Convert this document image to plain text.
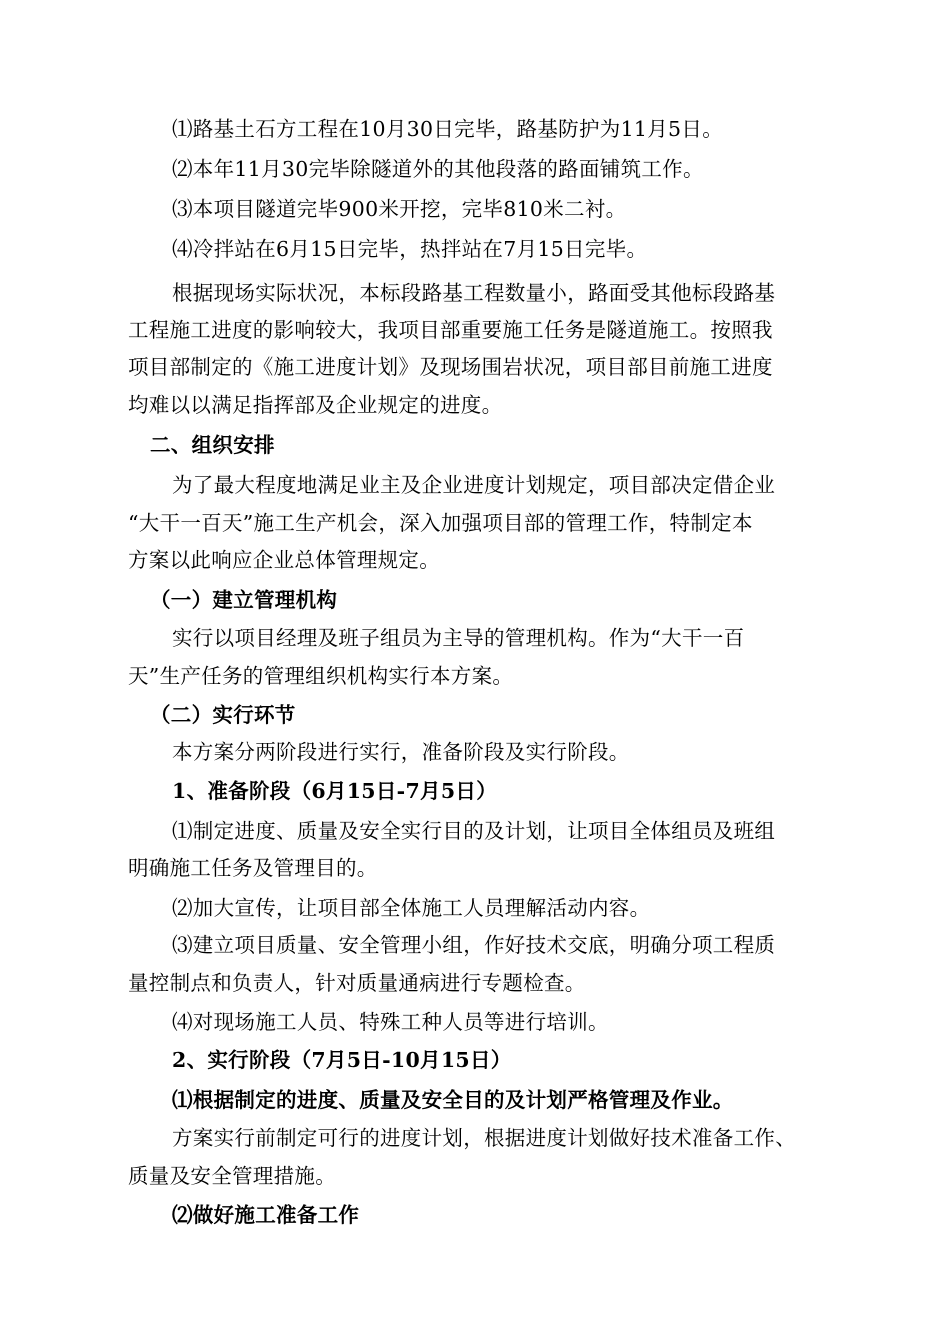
⑴路基土石方工程在10月30日完毕，路基防护为11月5日。
⑵本年11月30完毕除隧道外的其他段落的路面铺筑工作。
⑶本项目隧道完毕900米开挖，完毕810米二衬。
⑷冷拌站在6月15日完毕，热拌站在7月15日完毕。
根据现场实际状况，本标段路基工程数量小，路面受其他标段路基
工程施工进度的影响较大，我项目部重要施工任务是隧道施工。按照我
项目部制定的《施工进度计划》及现场围岩状况，项目部目前施工进度
均难以以满足指挥部及企业规定的进度。
二、组织安排
为了最大程度地满足业主及企业进度计划规定，项目部决定借企业
“大干一百天”施工生产机会，深入加强项目部的管理工作，特制定本
方案以此响应企业总体管理规定。
（一）建立管理机构
实行以项目经理及班子组员为主导的管理机构。作为“大干一百
天”生产任务的管理组织机构实行本方案。
（二）实行环节
本方案分两阶段进行实行，准备阶段及实行阶段。
1、准备阶段（6月15日-7月5日）
⑴制定进度、质量及安全实行目的及计划，让项目全体组员及班组
明确施工任务及管理目的。
⑵加大宣传，让项目部全体施工人员理解活动内容。
⑶建立项目质量、安全管理小组，作好技术交底，明确分项工程质
量控制点和负责人，针对质量通病进行专题检查。
⑷对现场施工人员、特殊工种人员等进行培训。
2、实行阶段（7月5日-10月15日）
⑴根据制定的进度、质量及安全目的及计划严格管理及作业。
方案实行前制定可行的进度计划，根据进度计划做好技术准备工作、
质量及安全管理措施。
⑵做好施工准备工作
